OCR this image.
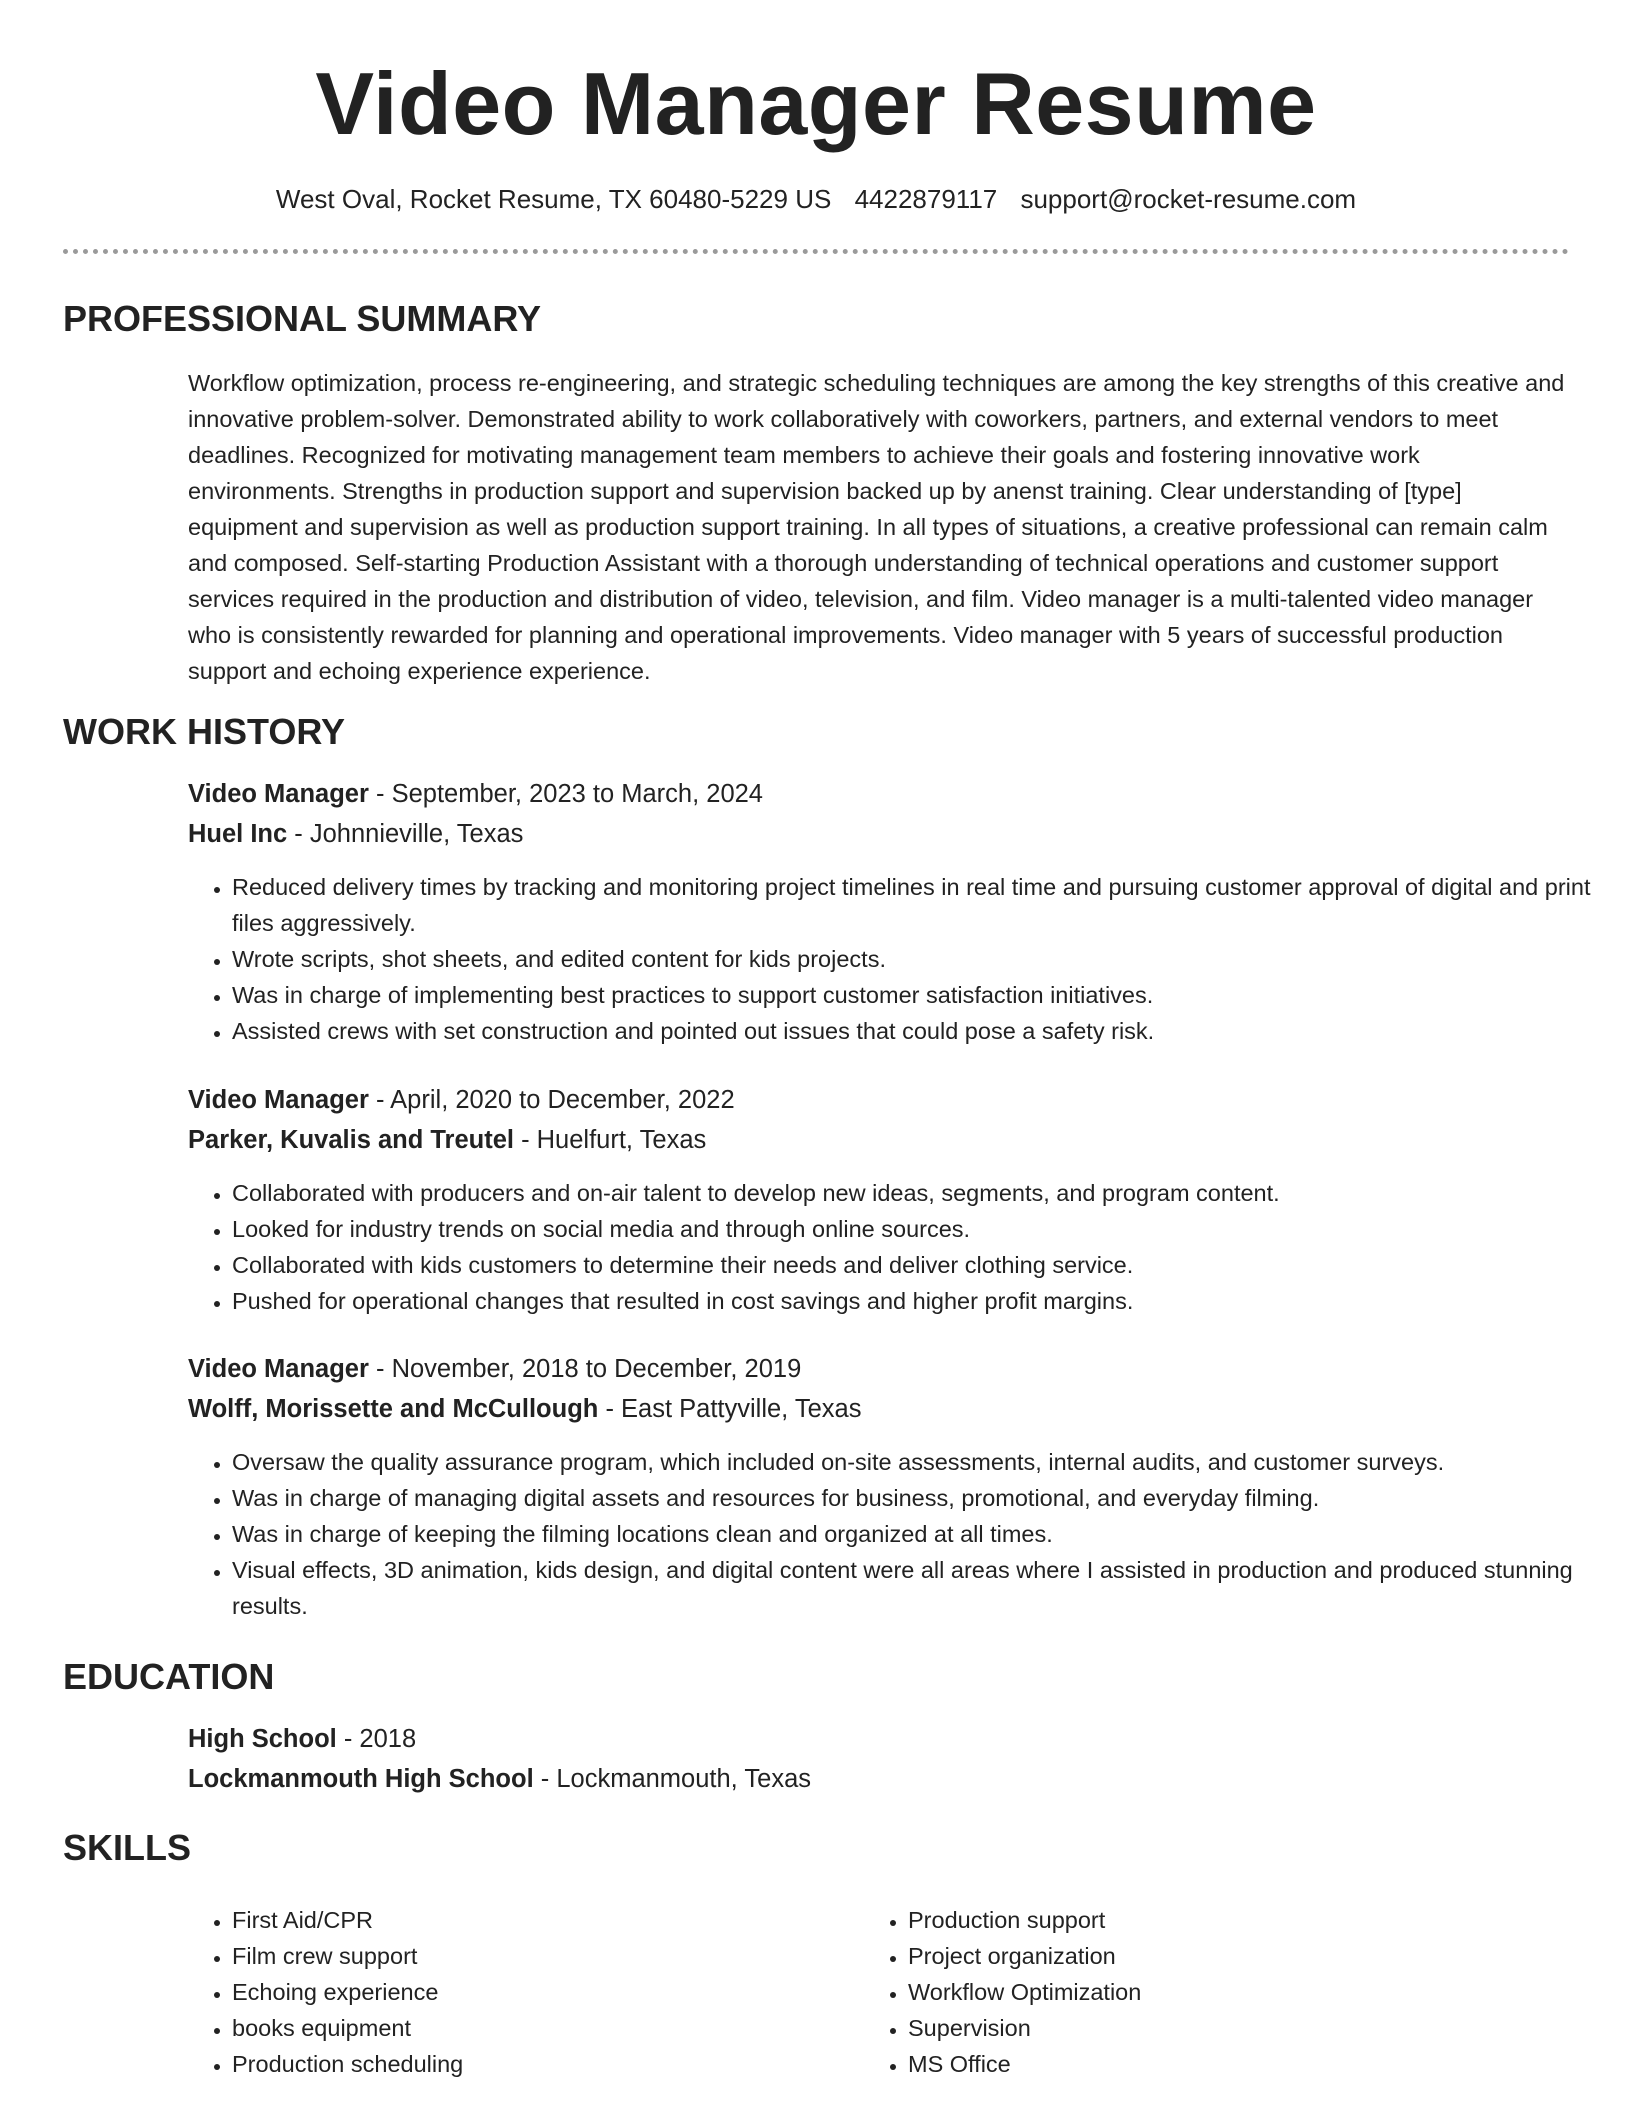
Video Manager Resume
West Oval, Rocket Resume, TX 60480-5229 US 4422879117 support@rocket-resume.com
PROFESSIONAL SUMMARY
Workflow optimization, process re-engineering, and strategic scheduling techniques are among the key strengths of this creative and innovative problem-solver. Demonstrated ability to work collaboratively with coworkers, partners, and external vendors to meet deadlines. Recognized for motivating management team members to achieve their goals and fostering innovative work environments. Strengths in production support and supervision backed up by anenst training. Clear understanding of [type] equipment and supervision as well as production support training. In all types of situations, a creative professional can remain calm and composed. Self-starting Production Assistant with a thorough understanding of technical operations and customer support services required in the production and distribution of video, television, and film. Video manager is a multi-talented video manager who is consistently rewarded for planning and operational improvements. Video manager with 5 years of successful production support and echoing experience experience.
WORK HISTORY
Video Manager - September, 2023 to March, 2024
Huel Inc - Johnnieville, Texas
• Reduced delivery times by tracking and monitoring project timelines in real time and pursuing customer approval of digital and print files aggressively.
• Wrote scripts, shot sheets, and edited content for kids projects.
• Was in charge of implementing best practices to support customer satisfaction initiatives.
• Assisted crews with set construction and pointed out issues that could pose a safety risk.
Video Manager - April, 2020 to December, 2022
Parker, Kuvalis and Treutel - Huelfurt, Texas
• Collaborated with producers and on-air talent to develop new ideas, segments, and program content.
• Looked for industry trends on social media and through online sources.
• Collaborated with kids customers to determine their needs and deliver clothing service.
• Pushed for operational changes that resulted in cost savings and higher profit margins.
Video Manager - November, 2018 to December, 2019
Wolff, Morissette and McCullough - East Pattyville, Texas
• Oversaw the quality assurance program, which included on-site assessments, internal audits, and customer surveys.
• Was in charge of managing digital assets and resources for business, promotional, and everyday filming.
• Was in charge of keeping the filming locations clean and organized at all times.
• Visual effects, 3D animation, kids design, and digital content were all areas where I assisted in production and produced stunning results.
EDUCATION
High School - 2018
Lockmanmouth High School - Lockmanmouth, Texas
SKILLS
• First Aid/CPR
• Film crew support
• Echoing experience
• books equipment
• Production scheduling
• Production support
• Project organization
• Workflow Optimization
• Supervision
• MS Office
